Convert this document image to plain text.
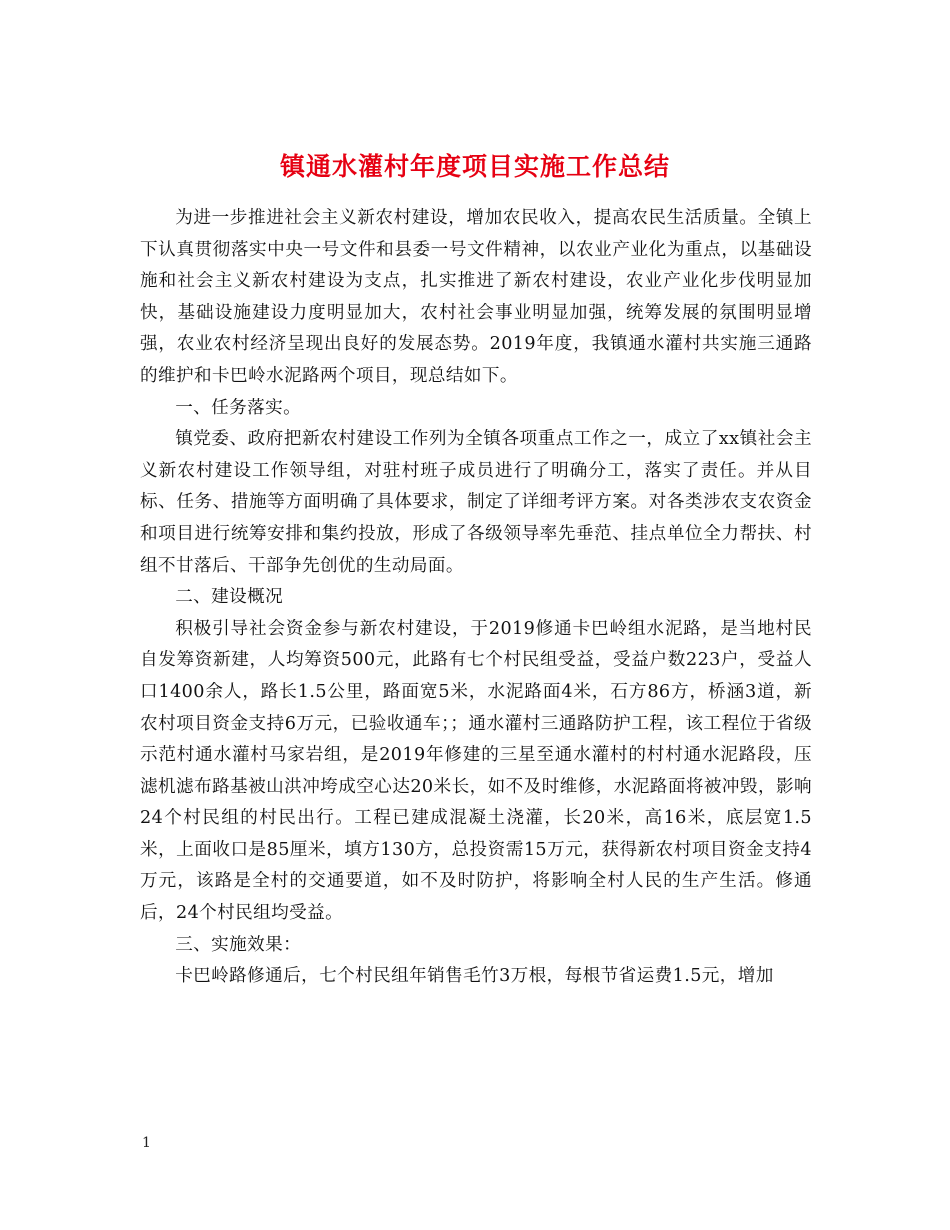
镇通水灌村年度项目实施工作总结

为进一步推进社会主义新农村建设，增加农民收入，提高农民生活质量。全镇上下认真贯彻落实中央一号文件和县委一号文件精神，以农业产业化为重点，以基础设施和社会主义新农村建设为支点，扎实推进了新农村建设，农业产业化步伐明显加快，基础设施建设力度明显加大，农村社会事业明显加强，统筹发展的氛围明显增强，农业农村经济呈现出良好的发展态势。2019年度，我镇通水灌村共实施三通路的维护和卡巴岭水泥路两个项目，现总结如下。

一、任务落实。

镇党委、政府把新农村建设工作列为全镇各项重点工作之一，成立了xx镇社会主义新农村建设工作领导组，对驻村班子成员进行了明确分工，落实了责任。并从目标、任务、措施等方面明确了具体要求，制定了详细考评方案。对各类涉农支农资金和项目进行统筹安排和集约投放，形成了各级领导率先垂范、挂点单位全力帮扶、村组不甘落后、干部争先创优的生动局面。

二、建设概况

积极引导社会资金参与新农村建设，于2019修通卡巴岭组水泥路，是当地村民自发筹资新建，人均筹资500元，此路有七个村民组受益，受益户数223户，受益人口1400余人，路长1.5公里，路面宽5米，水泥路面4米，石方86方，桥涵3道，新农村项目资金支持6万元，已验收通车；；通水灌村三通路防护工程，该工程位于省级示范村通水灌村马家岩组，是2019年修建的三星至通水灌村的村村通水泥路段，压滤机滤布路基被山洪冲垮成空心达20米长，如不及时维修，水泥路面将被冲毁，影响24个村民组的村民出行。工程已建成混凝土浇灌，长20米，高16米，底层宽1.5米，上面收口是85厘米，填方130方，总投资需15万元，获得新农村项目资金支持4万元，该路是全村的交通要道，如不及时防护，将影响全村人民的生产生活。修通后，24个村民组均受益。

三、实施效果：

卡巴岭路修通后，七个村民组年销售毛竹3万根，每根节省运费1.5元，增加

1
